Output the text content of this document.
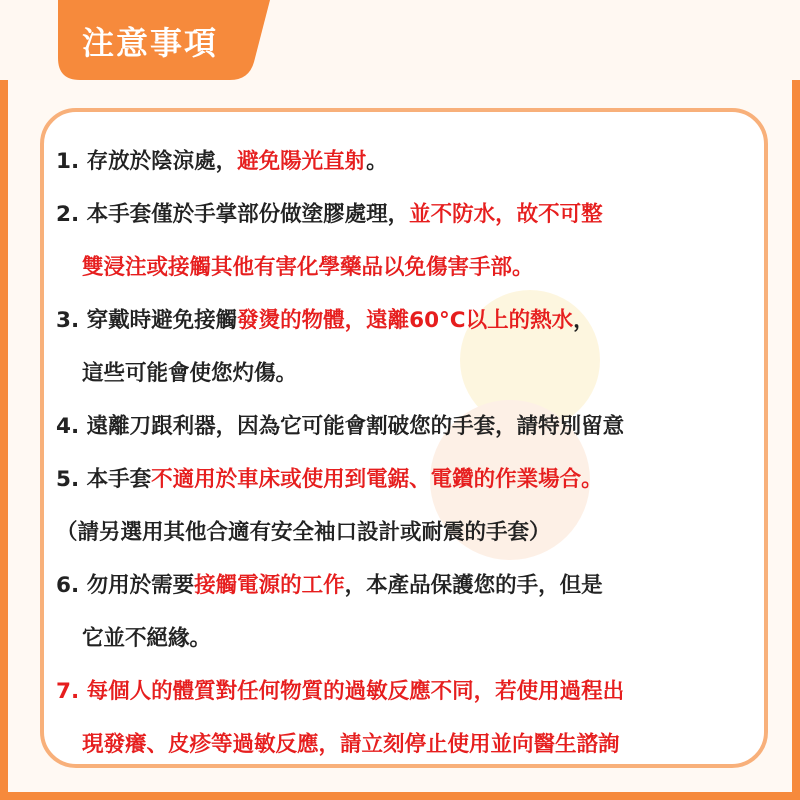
注意事項
1. 存放於陰涼處，避免陽光直射。
2. 本手套僅於手掌部份做塗膠處理，並不防水，故不可整
雙浸注或接觸其他有害化學藥品以免傷害手部。
3. 穿戴時避免接觸發燙的物體，遠離60°C以上的熱水，
這些可能會使您灼傷。
4. 遠離刀跟利器，因為它可能會割破您的手套，請特別留意
5. 本手套不適用於車床或使用到電鋸、電鑽的作業場合。
（請另選用其他合適有安全袖口設計或耐震的手套）
6. 勿用於需要接觸電源的工作，本產品保護您的手，但是
它並不絕緣。
7. 每個人的體質對任何物質的過敏反應不同，若使用過程出
現發癢、皮疹等過敏反應，請立刻停止使用並向醫生諮詢
